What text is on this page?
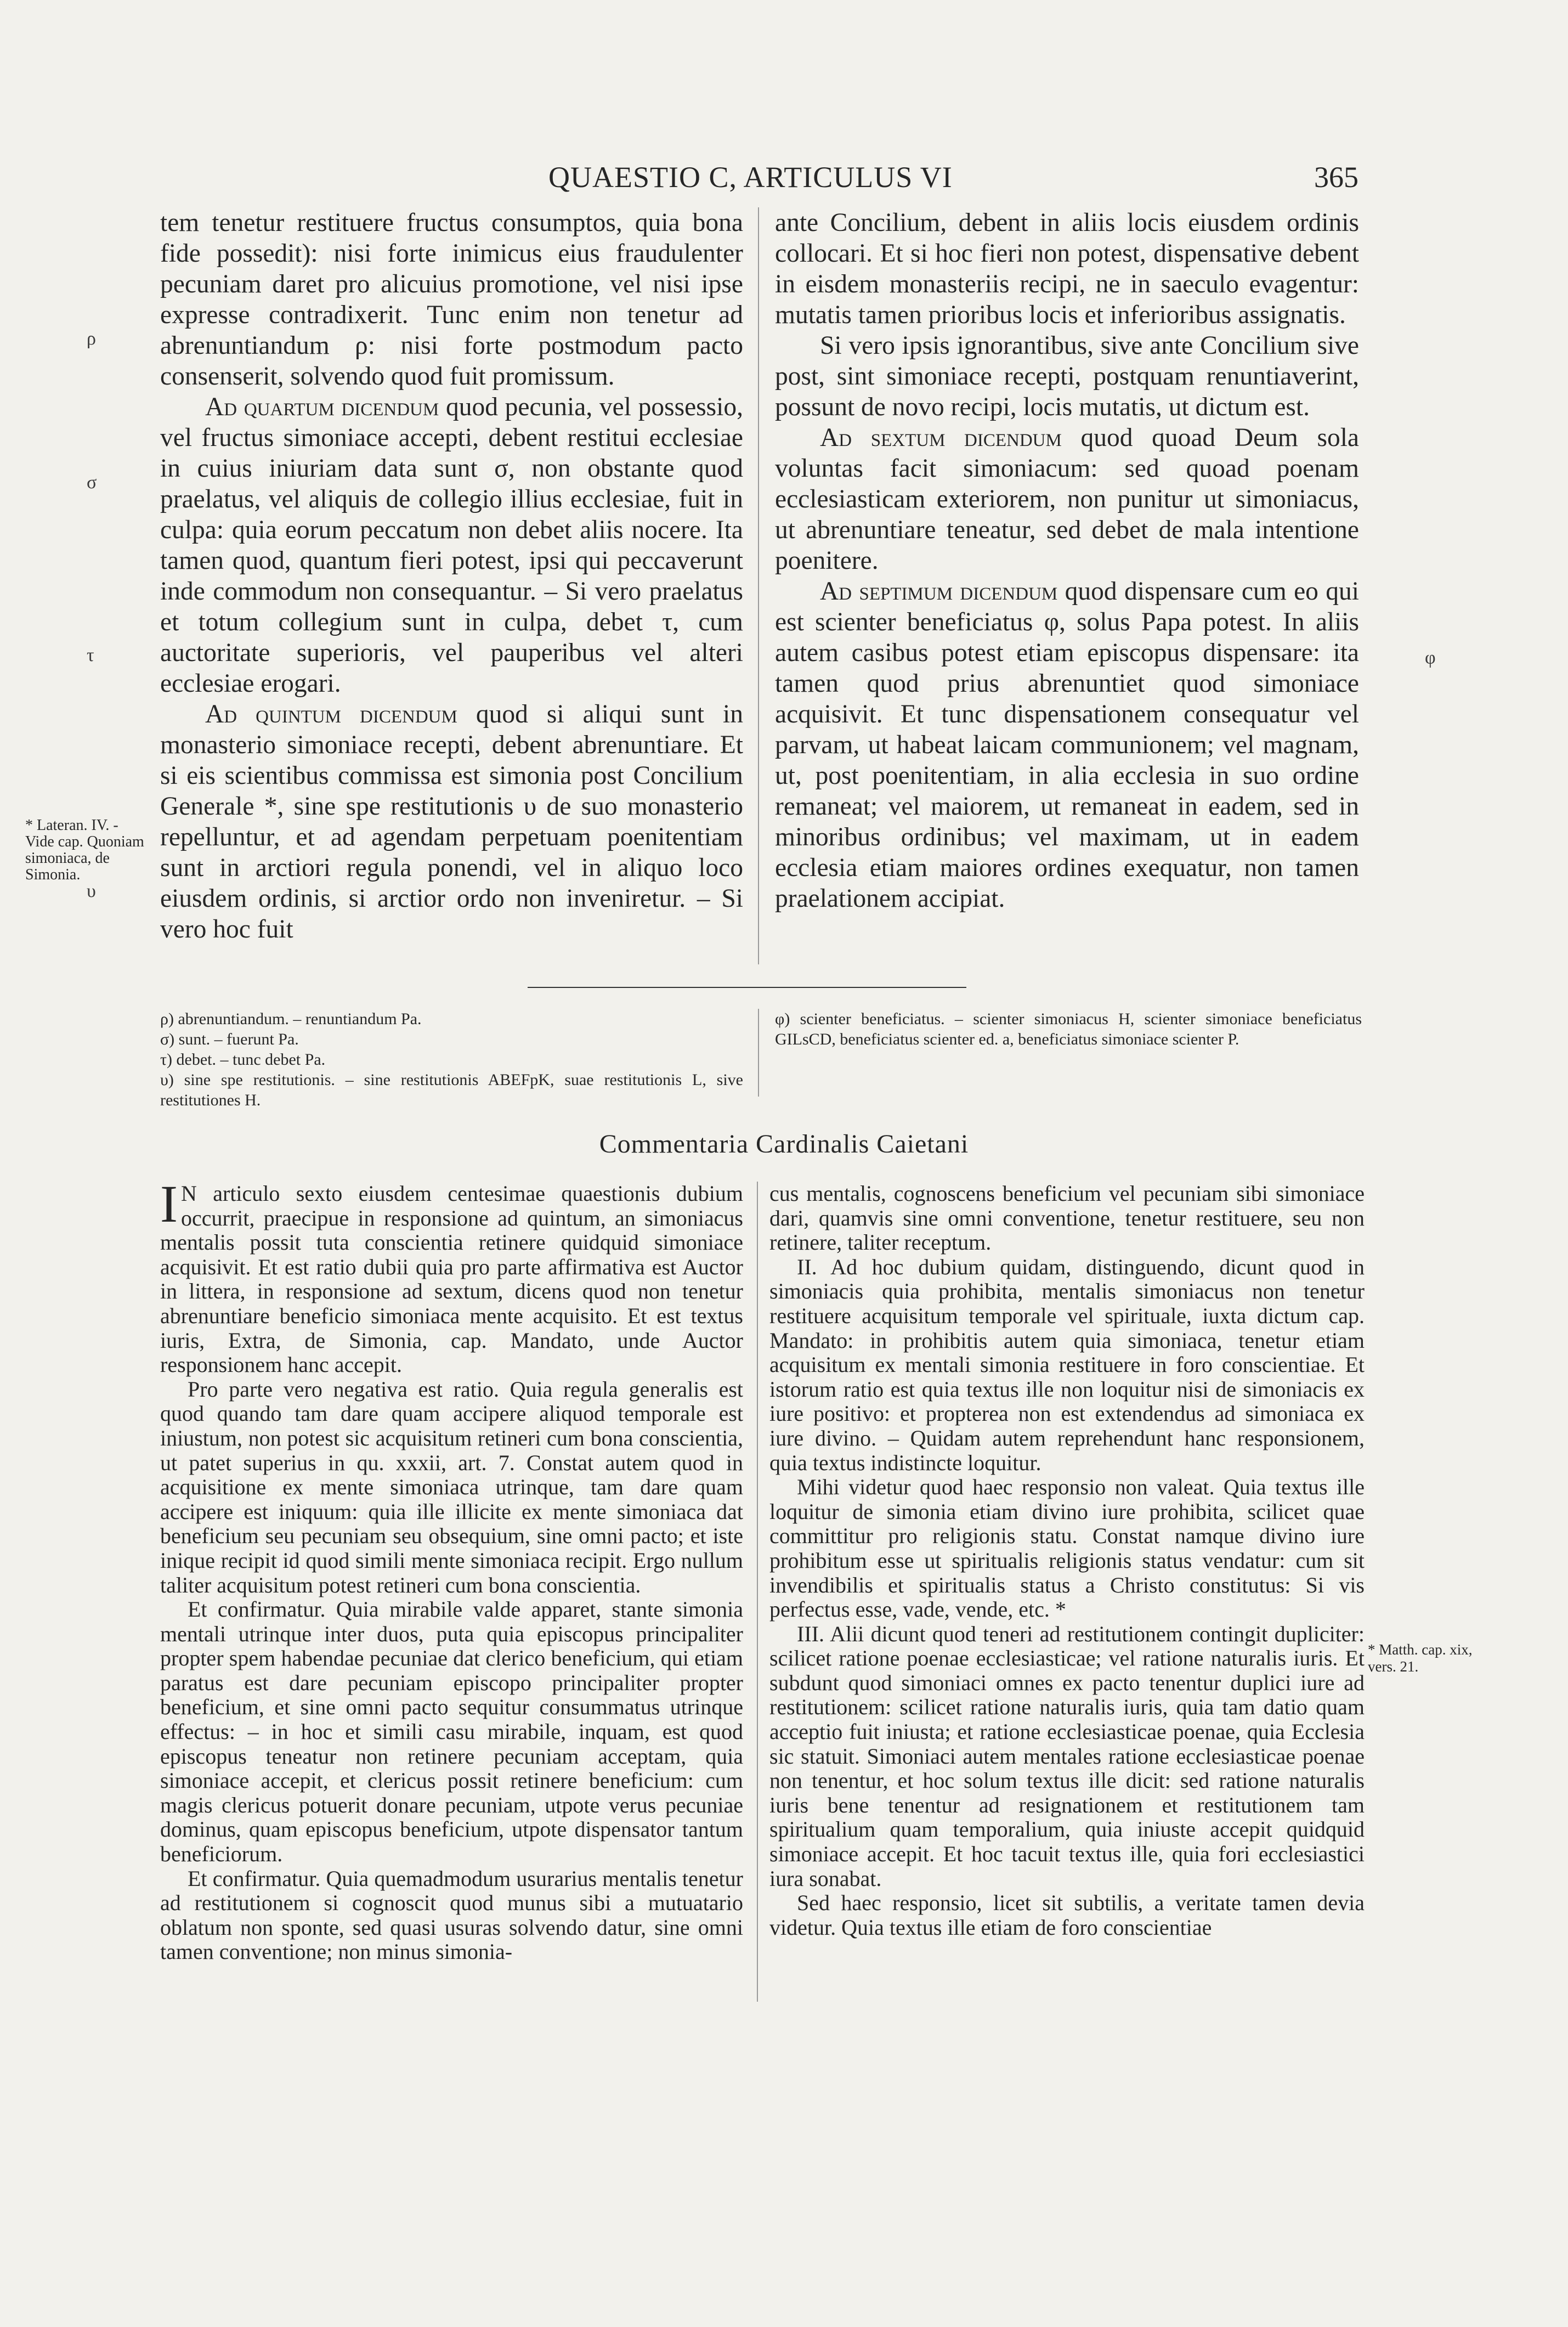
QUAESTIO C, ARTICULUS VI	365

tem tenetur restituere fructus consumptos, quia bona fide possedit): nisi forte inimicus eius fraudulenter pecuniam daret pro alicuius promotione, vel nisi ipse expresse contradixerit. Tunc enim non tenetur ad abrenuntiandum ρ: nisi forte postmodum pacto consenserit, solvendo quod fuit promissum.

Ad quartum dicendum quod pecunia, vel possessio, vel fructus simoniace accepti, debent restitui ecclesiae in cuius iniuriam data sunt σ, non obstante quod praelatus, vel aliquis de collegio illius ecclesiae, fuit in culpa: quia eorum peccatum non debet aliis nocere. Ita tamen quod, quantum fieri potest, ipsi qui peccaverunt inde commodum non consequantur. – Si vero praelatus et totum collegium sunt in culpa, debet τ, cum auctoritate superioris, vel pauperibus vel alteri ecclesiae erogari.

Ad quintum dicendum quod si aliqui sunt in monasterio simoniace recepti, debent abrenuntiare. Et si eis scientibus commissa est simonia post Concilium Generale *, sine spe restitutionis υ de suo monasterio repelluntur, et ad agendam perpetuam poenitentiam sunt in arctiori regula ponendi, vel in aliquo loco eiusdem ordinis, si arctior ordo non inveniretur. – Si vero hoc fuit

ante Concilium, debent in aliis locis eiusdem ordinis collocari. Et si hoc fieri non potest, dispensative debent in eisdem monasteriis recipi, ne in saeculo evagentur: mutatis tamen prioribus locis et inferioribus assignatis.

Si vero ipsis ignorantibus, sive ante Concilium sive post, sint simoniace recepti, postquam renuntiaverint, possunt de novo recipi, locis mutatis, ut dictum est.

Ad sextum dicendum quod quoad Deum sola voluntas facit simoniacum: sed quoad poenam ecclesiasticam exteriorem, non punitur ut simoniacus, ut abrenuntiare teneatur, sed debet de mala intentione poenitere.

Ad septimum dicendum quod dispensare cum eo qui est scienter beneficiatus φ, solus Papa potest. In aliis autem casibus potest etiam episcopus dispensare: ita tamen quod prius abrenuntiet quod simoniace acquisivit. Et tunc dispensationem consequatur vel parvam, ut habeat laicam communionem; vel magnam, ut, post poenitentiam, in alia ecclesia in suo ordine remaneat; vel maiorem, ut remaneat in eadem, sed in minoribus ordinibus; vel maximam, ut in eadem ecclesia etiam maiores ordines exequatur, non tamen praelationem accipiat.

ρ
σ
τ
υ
φ
* Lateran. IV. - Vide cap. Quoniam simoniaca, de Simonia.

ρ) abrenuntiandum. – renuntiandum Pa.

σ) sunt. – fuerunt Pa.

τ) debet. – tunc debet Pa.

υ) sine spe restitutionis. – sine restitutionis ABEFpK, suae restitutionis L, sive restitutiones H.

φ) scienter beneficiatus. – scienter simoniacus H, scienter simoniace beneficiatus GILsCD, beneficiatus scienter ed. a, beneficiatus simoniace scienter P.

Commentaria Cardinalis Caietani

I N articulo sexto eiusdem centesimae quaestionis dubium occurrit, praecipue in responsione ad quintum, an simoniacus mentalis possit tuta conscientia retinere quidquid simoniace acquisivit. Et est ratio dubii quia pro parte affirmativa est Auctor in littera, in responsione ad sextum, dicens quod non tenetur abrenuntiare beneficio simoniaca mente acquisito. Et est textus iuris, Extra, de Simonia, cap. Mandato, unde Auctor responsionem hanc accepit.

Pro parte vero negativa est ratio. Quia regula generalis est quod quando tam dare quam accipere aliquod temporale est iniustum, non potest sic acquisitum retineri cum bona conscientia, ut patet superius in qu. xxxii, art. 7. Constat autem quod in acquisitione ex mente simoniaca utrinque, tam dare quam accipere est iniquum: quia ille illicite ex mente simoniaca dat beneficium seu pecuniam seu obsequium, sine omni pacto; et iste inique recipit id quod simili mente simoniaca recipit. Ergo nullum taliter acquisitum potest retineri cum bona conscientia.

Et confirmatur. Quia mirabile valde apparet, stante simonia mentali utrinque inter duos, puta quia episcopus principaliter propter spem habendae pecuniae dat clerico beneficium, qui etiam paratus est dare pecuniam episcopo principaliter propter beneficium, et sine omni pacto sequitur consummatus utrinque effectus: – in hoc et simili casu mirabile, inquam, est quod episcopus teneatur non retinere pecuniam acceptam, quia simoniace accepit, et clericus possit retinere beneficium: cum magis clericus potuerit donare pecuniam, utpote verus pecuniae dominus, quam episcopus beneficium, utpote dispensator tantum beneficiorum.

Et confirmatur. Quia quemadmodum usurarius mentalis tenetur ad restitutionem si cognoscit quod munus sibi a mutuatario oblatum non sponte, sed quasi usuras solvendo datur, sine omni tamen conventione; non minus simonia-

cus mentalis, cognoscens beneficium vel pecuniam sibi simoniace dari, quamvis sine omni conventione, tenetur restituere, seu non retinere, taliter receptum.

II. Ad hoc dubium quidam, distinguendo, dicunt quod in simoniacis quia prohibita, mentalis simoniacus non tenetur restituere acquisitum temporale vel spirituale, iuxta dictum cap. Mandato: in prohibitis autem quia simoniaca, tenetur etiam acquisitum ex mentali simonia restituere in foro conscientiae. Et istorum ratio est quia textus ille non loquitur nisi de simoniacis ex iure positivo: et propterea non est extendendus ad simoniaca ex iure divino. – Quidam autem reprehendunt hanc responsionem, quia textus indistincte loquitur.

Mihi videtur quod haec responsio non valeat. Quia textus ille loquitur de simonia etiam divino iure prohibita, scilicet quae committitur pro religionis statu. Constat namque divino iure prohibitum esse ut spiritualis religionis status vendatur: cum sit invendibilis et spiritualis status a Christo constitutus: Si vis perfectus esse, vade, vende, etc. *

III. Alii dicunt quod teneri ad restitutionem contingit dupliciter: scilicet ratione poenae ecclesiasticae; vel ratione naturalis iuris. Et subdunt quod simoniaci omnes ex pacto tenentur duplici iure ad restitutionem: scilicet ratione naturalis iuris, quia tam datio quam acceptio fuit iniusta; et ratione ecclesiasticae poenae, quia Ecclesia sic statuit. Simoniaci autem mentales ratione ecclesiasticae poenae non tenentur, et hoc solum textus ille dicit: sed ratione naturalis iuris bene tenentur ad resignationem et restitutionem tam spiritualium quam temporalium, quia iniuste accepit quidquid simoniace accepit. Et hoc tacuit textus ille, quia fori ecclesiastici iura sonabat.

Sed haec responsio, licet sit subtilis, a veritate tamen devia videtur. Quia textus ille etiam de foro conscientiae

* Matth. cap. xix, vers. 21.
